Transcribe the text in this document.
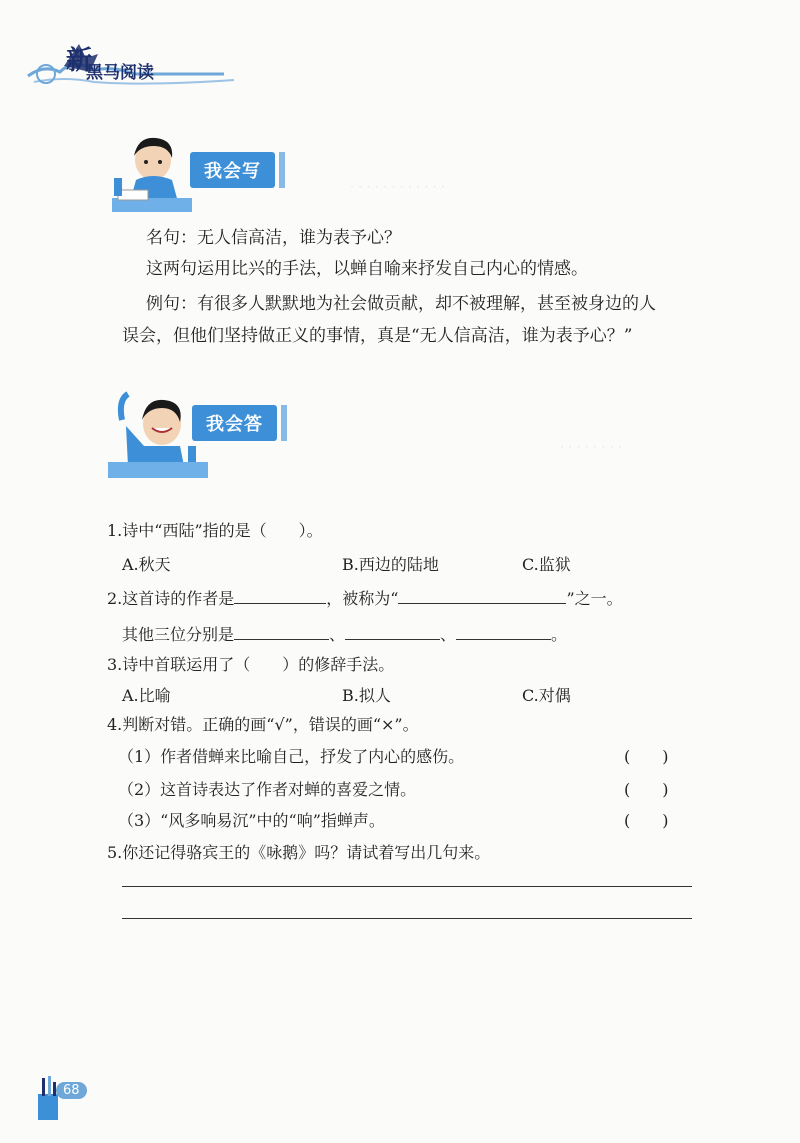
新
黑马阅读
· · · · · · · · · · · ·
· · · · · · · ·
我会写
名句：无人信高洁，谁为表予心？
这两句运用比兴的手法，以蝉自喻来抒发自己内心的情感。
例句：有很多人默默地为社会做贡献，却不被理解，甚至被身边的人
误会，但他们坚持做正义的事情，真是“无人信高洁，谁为表予心？”
我会答
1.诗中“西陆”指的是（　　）。
A.秋天	B.西边的陆地	C.监狱
2.这首诗的作者是	，被称为“	”之一。
其他三位分别是	、	、	。
3.诗中首联运用了（　　）的修辞手法。
A.比喻	B.拟人	C.对偶
4.判断对错。正确的画“√”，错误的画“×”。
（1）作者借蝉来比喻自己，抒发了内心的感伤。	(　　)
（2）这首诗表达了作者对蝉的喜爱之情。	(　　)
（3）“风多响易沉”中的“响”指蝉声。	(　　)
5.你还记得骆宾王的《咏鹅》吗？请试着写出几句来。
68
